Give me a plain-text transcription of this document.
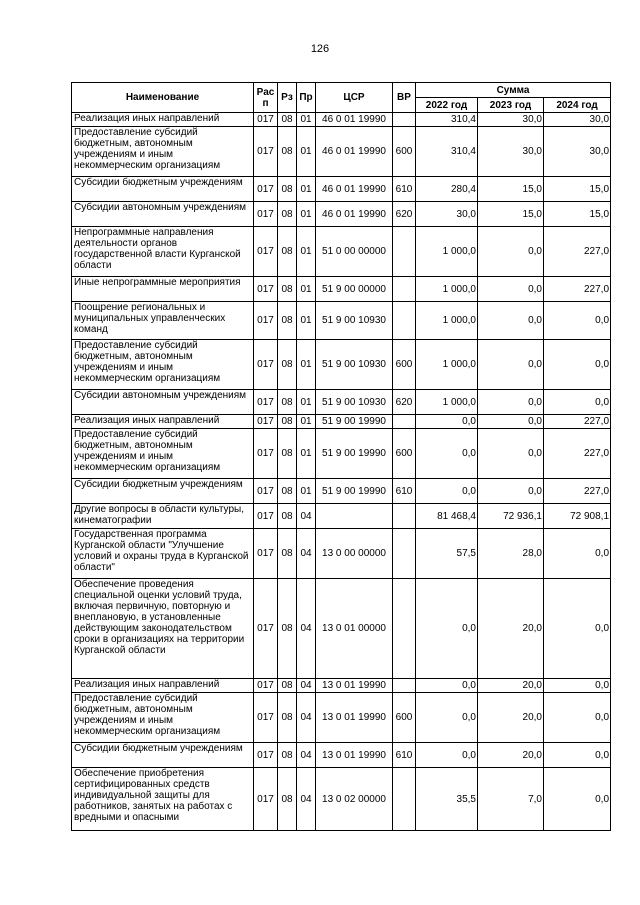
126
Наименование	Рас п	Рз	Пр	ЦСР	ВР	Сумма		
						2022 год	2023 год	2024 год
Реализация иных направлений	017	08	01	46 0 01 19990		310,4	30,0	30,0
Предоставление субсидий бюджетным, автономным учреждениям и иным некоммерческим организациям	017	08	01	46 0 01 19990	600	310,4	30,0	30,0
Субсидии бюджетным учреждениям	017	08	01	46 0 01 19990	610	280,4	15,0	15,0
Субсидии автономным учреждениям	017	08	01	46 0 01 19990	620	30,0	15,0	15,0
Непрограммные направления деятельности органов государственной власти Курганской области	017	08	01	51 0 00 00000		1 000,0	0,0	227,0
Иные непрограммные мероприятия	017	08	01	51 9 00 00000		1 000,0	0,0	227,0
Поощрение региональных и муниципальных управленческих команд	017	08	01	51 9 00 10930		1 000,0	0,0	0,0
Предоставление субсидий бюджетным, автономным учреждениям и иным некоммерческим организациям	017	08	01	51 9 00 10930	600	1 000,0	0,0	0,0
Субсидии автономным учреждениям	017	08	01	51 9 00 10930	620	1 000,0	0,0	0,0
Реализация иных направлений	017	08	01	51 9 00 19990		0,0	0,0	227,0
Предоставление субсидий бюджетным, автономным учреждениям и иным некоммерческим организациям	017	08	01	51 9 00 19990	600	0,0	0,0	227,0
Субсидии бюджетным учреждениям	017	08	01	51 9 00 19990	610	0,0	0,0	227,0
Другие вопросы в области культуры, кинематографии	017	08	04			81 468,4	72 936,1	72 908,1
Государственная программа Курганской области "Улучшение условий и охраны труда в Курганской области"	017	08	04	13 0 00 00000		57,5	28,0	0,0
Обеспечение проведения специальной оценки условий труда, включая первичную, повторную и внеплановую, в установленные действующим законодательством сроки в организациях на территории Курганской области	017	08	04	13 0 01 00000		0,0	20,0	0,0
Реализация иных направлений	017	08	04	13 0 01 19990		0,0	20,0	0,0
Предоставление субсидий бюджетным, автономным учреждениям и иным некоммерческим организациям	017	08	04	13 0 01 19990	600	0,0	20,0	0,0
Субсидии бюджетным учреждениям	017	08	04	13 0 01 19990	610	0,0	20,0	0,0
Обеспечение приобретения сертифицированных средств индивидуальной защиты для работников, занятых на работах с вредными и опасными	017	08	04	13 0 02 00000		35,5	7,0	0,0
